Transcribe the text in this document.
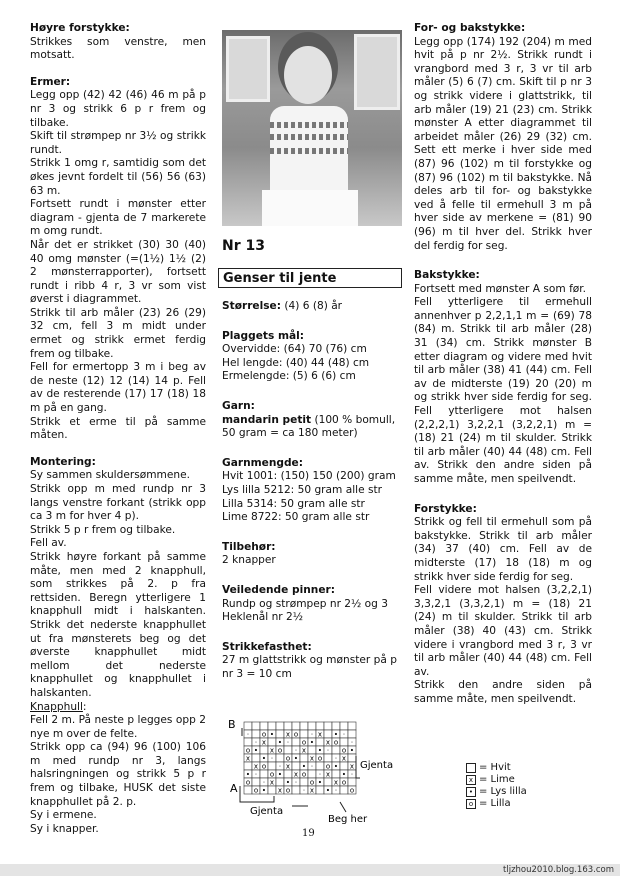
Høyre forstykke:

Strikkes som venstre, men motsatt.

Ermer:

Legg opp (42) 42 (46) 46 m på p nr 3 og strikk 6 p r frem og tilbake.

Skift til strømpep nr 3½ og strikk rundt.

Strikk 1 omg r, samtidig som det økes jevnt fordelt til (56) 56 (63) 63 m.

Fortsett rundt i mønster etter diagram - gjenta de 7 markerete m omg rundt.

Når det er strikket (30) 30 (40) 40 omg mønster (=(1½) 1½ (2) 2 mønsterrapporter), fortsett rundt i ribb 4 r, 3 vr som vist øverst i diagrammet.

Strikk til arb måler (23) 26 (29) 32 cm, fell 3 m midt under ermet og strikk ermet ferdig frem og tilbake.

Fell for ermertopp 3 m i beg av de neste (12) 12 (14) 14 p. Fell av de resterende (17) 17 (18) 18 m på en gang.

Strikk et erme til på samme måten.

Montering:

Sy sammen skuldersømmene.

Strikk opp m med rundp nr 3 langs venstre forkant (strikk opp ca 3 m for hver 4 p).

Strikk 5 p r frem og tilbake.

Fell av.

Strikk høyre forkant på samme måte, men med 2 knapphull, som strikkes på 2. p fra rettsiden. Beregn ytterligere 1 knapphull midt i halskanten. Strikk det nederste knapphullet ut fra mønsterets beg og det øverste knapphullet midt mellom det nederste knapphullet og knapphullet i halskanten.

Knapphull:

Fell 2 m. På neste p legges opp 2 nye m over de felte.

Strikk opp ca (94) 96 (100) 106 m med rundp nr 3, langs halsringningen og strikk 5 p r frem og tilbake, HUSK det siste knapphullet på 2. p.

Sy i ermene.

Sy i knapper.

Nr 13
Genser til jente

Størrelse: (4) 6 (8) år

Plaggets mål:

Overvidde: (64) 70 (76) cm

Hel lengde: (40) 44 (48) cm

Ermelengde: (5) 6 (6) cm

Garn:

mandarin petit (100 % bomull, 50 gram = ca 180 meter)

Garnmengde:

Hvit 1001: (150) 150 (200) gram

Lys lilla 5212: 50 gram alle str

Lilla 5314: 50 gram alle str

Lime 8722: 50 gram alle str

Tilbehør:

2 knapper

Veiledende pinner:

Rundp og strømpep nr 2½ og 3
Heklenål nr 2½

Strikkefasthet:

27 m glattstrikk og mønster på p nr 3 = 10 cm

For- og bakstykke:

Legg opp (174) 192 (204) m med hvit på p nr 2½. Strikk rundt i vrangbord med 3 r, 3 vr til arb måler (5) 6 (7) cm. Skift til p nr 3 og strikk videre i glattstrikk, til arb måler (19) 21 (23) cm. Strikk mønster A etter diagrammet til arbeidet måler (26) 29 (32) cm. Sett ett merke i hver side med (87) 96 (102) m til forstykke og (87) 96 (102) m til bakstykke. Nå deles arb til for- og bakstykke ved å felle til ermehull 3 m på hver side av merkene = (81) 90 (96) m til hver del. Strikk hver del ferdig for seg.

Bakstykke:

Fortsett med mønster A som før.

Fell ytterligere til ermehull annenhver p 2,2,1,1 m = (69) 78 (84) m. Strikk til arb måler (28) 31 (34) cm. Strikk mønster B etter diagram og videre med hvit til arb måler (38) 41 (44) cm. Fell av de midterste (19) 20 (20) m og strikk hver side ferdig for seg. Fell ytterligere mot halsen (2,2,2,1) 3,2,2,1 (3,2,2,1) m = (18) 21 (24) m til skulder. Strikk til arb måler (40) 44 (48) cm. Fell av. Strikk den andre siden på samme måte, men speilvendt.

Forstykke:

Strikk og fell til ermehull som på bakstykke. Strikk til arb måler (34) 37 (40) cm. Fell av de midterste (17) 18 (18) m og strikk hver side ferdig for seg.

Fell videre mot halsen (3,2,2,1) 3,3,2,1 (3,3,2,1) m = (18) 21 (24) m til skulder. Strikk til arb måler (38) 40 (43) cm. Strikk videre i vrangbord med 3 r, 3 vr til arb måler (40) 44 (48) cm. Fell av.

Strikk den andre siden på samme måte, men speilvendt.

B
A
· o • x o · x • ·
· x • · o • x o ·
o • x o · x • · o •
x • · o • x o · x
x o · x • · o • x
• · o • x o · x • ·
o · x • · o • x o
o • x o · x • · o
Gjenta
Gjenta
Beg her
= Hvit
x = Lime
• = Lys lilla
o = Lilla
19
tljzhou2010.blog.163.com
